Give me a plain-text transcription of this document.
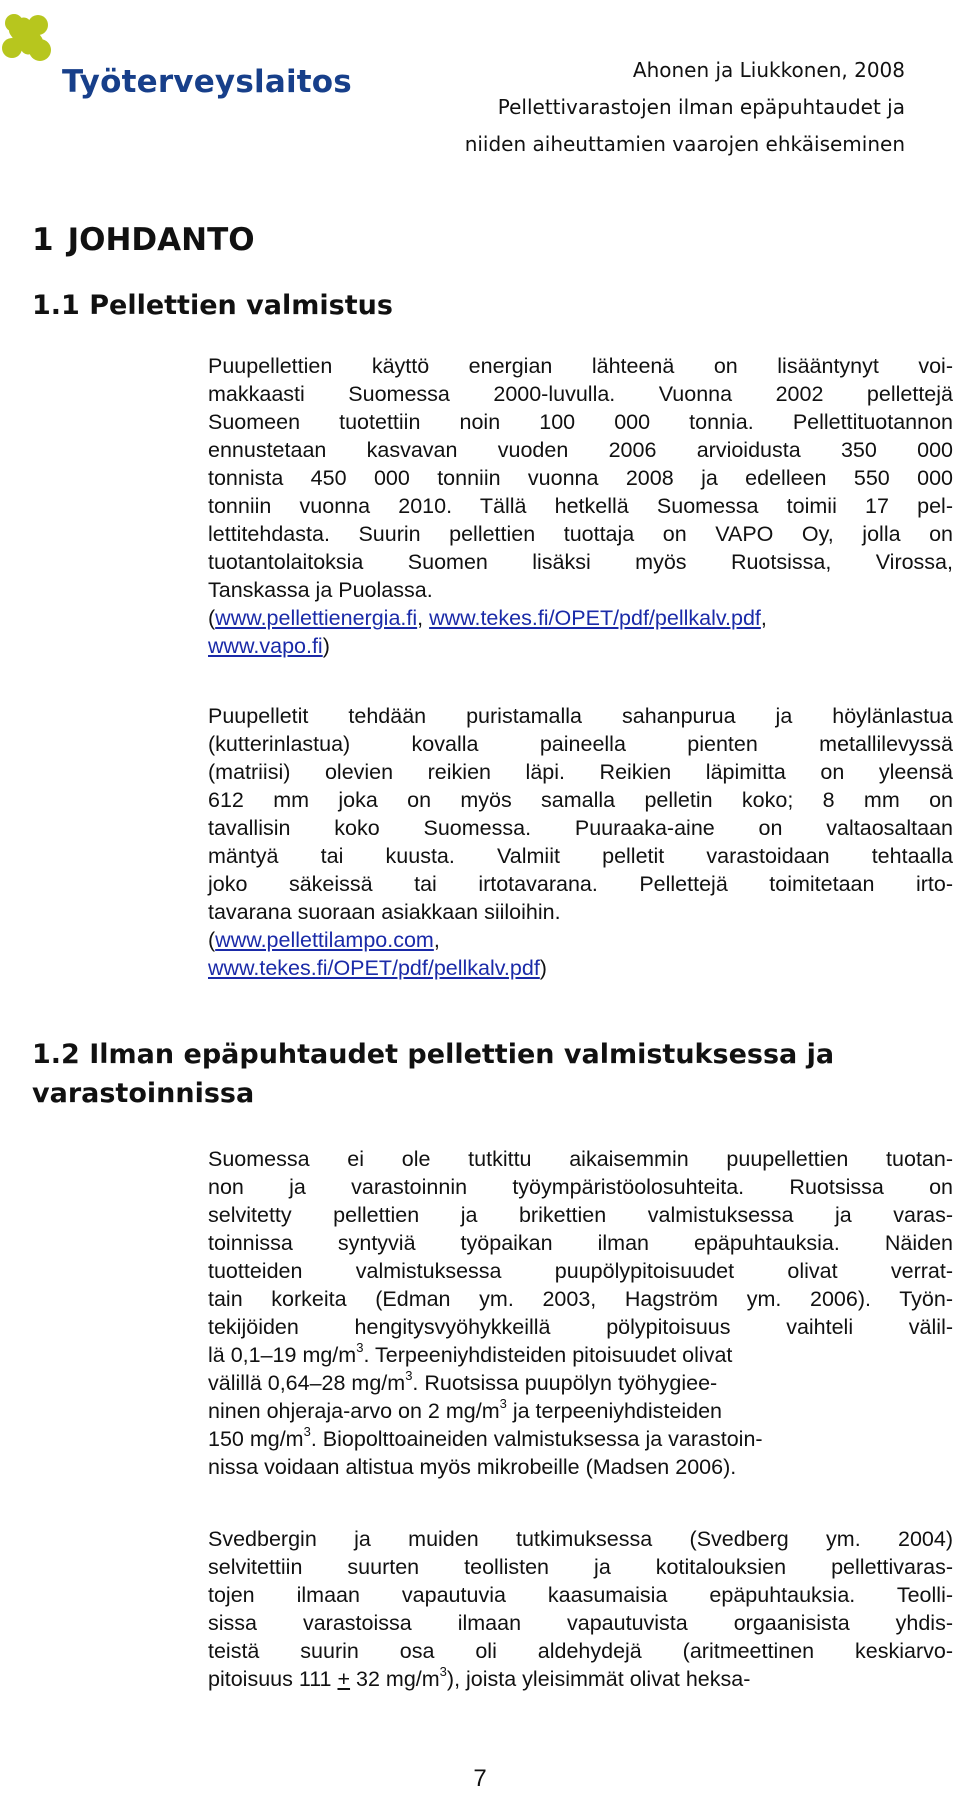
Työterveyslaitos	Ahonen ja Liukkonen, 2008
Pellettivarastojen ilman epäpuhtaudet ja
niiden aiheuttamien vaarojen ehkäiseminen
1 JOHDANTO
1.1 Pellettien valmistus
Puupellettien käyttö energian lähteenä on lisääntynyt voi-
makkaasti Suomessa 2000-luvulla. Vuonna 2002 pellettejä
Suomeen tuotettiin noin 100 000 tonnia. Pellettituotannon
ennustetaan kasvavan vuoden 2006 arvioidusta 350 000
tonnista 450 000 tonniin vuonna 2008 ja edelleen 550 000
tonniin vuonna 2010. Tällä hetkellä Suomessa toimii 17 pel-
lettitehdasta. Suurin pellettien tuottaja on VAPO Oy, jolla on
tuotantolaitoksia Suomen lisäksi myös Ruotsissa, Virossa,
Tanskassa ja Puolassa.
(www.pellettienergia.fi, www.tekes.fi/OPET/pdf/pellkalv.pdf,
www.vapo.fi)
Puupelletit tehdään puristamalla sahanpurua ja höylänlastua
(kutterinlastua) kovalla paineella pienten metallilevyssä
(matriisi) olevien reikien läpi. Reikien läpimitta on yleensä
612 mm joka on myös samalla pelletin koko; 8 mm on
tavallisin koko Suomessa. Puuraaka-aine on valtaosaltaan
mäntyä tai kuusta. Valmiit pelletit varastoidaan tehtaalla
joko säkeissä tai irtotavarana. Pellettejä toimitetaan irto-
tavarana suoraan asiakkaan siiloihin.
(www.pellettilampo.com,
www.tekes.fi/OPET/pdf/pellkalv.pdf)
1.2 Ilman epäpuhtaudet pellettien valmistuksessa ja
varastoinnissa
Suomessa ei ole tutkittu aikaisemmin puupellettien tuotan-
non ja varastoinnin työympäristöolosuhteita. Ruotsissa on
selvitetty pellettien ja brikettien valmistuksessa ja varas-
toinnissa syntyviä työpaikan ilman epäpuhtauksia. Näiden
tuotteiden valmistuksessa puupölypitoisuudet olivat verrat-
tain korkeita (Edman ym. 2003, Hagström ym. 2006). Työn-
tekijöiden hengitysvyöhykkeillä pölypitoisuus vaihteli välil-
lä 0,1–19 $mg/m^3$. Terpeeniyhdisteiden pitoisuudet olivat
välillä 0,64–28 $mg/m^3$. Ruotsissa puupölyn työhygiee-
ninen ohjeraja-arvo on 2 $mg/m^3$ ja terpeeniyhdisteiden
150 $mg/m^3$. Biopolttoaineiden valmistuksessa ja varastoin-
nissa voidaan altistua myös mikrobeille (Madsen 2006).
Svedbergin ja muiden tutkimuksessa (Svedberg ym. 2004)
selvitettiin suurten teollisten ja kotitalouksien pellettivaras-
tojen ilmaan vapautuvia kaasumaisia epäpuhtauksia. Teolli-
sissa varastoissa ilmaan vapautuvista orgaanisista yhdis-
teistä suurin osa oli aldehydejä (aritmeettinen keskiarvo-
pitoisuus 111 + 32 $mg/m^3$), joista yleisimmät olivat heksa-
7
